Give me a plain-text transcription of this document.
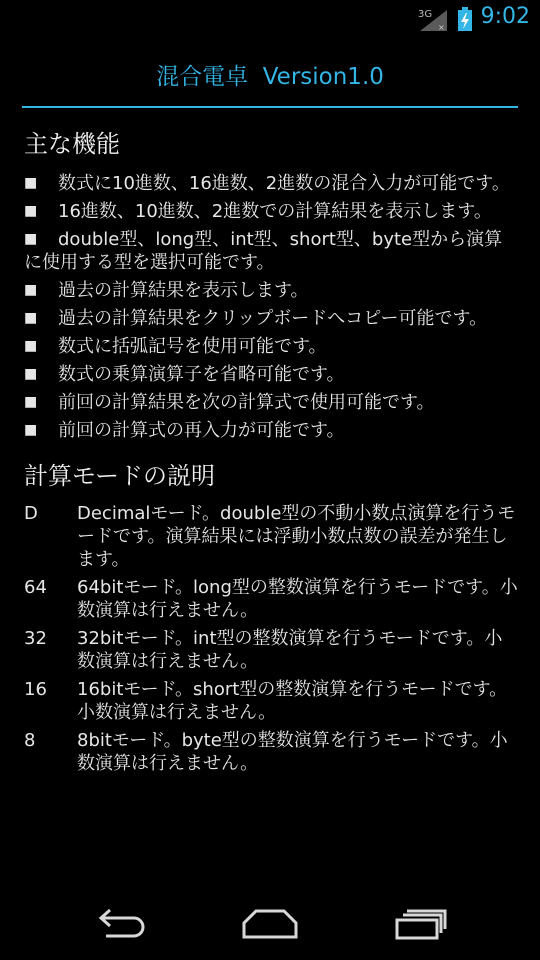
3G
× 9:02
混合電卓  Version1.0
主な機能
■ 数式に10進数、16進数、2進数の混合入力が可能です。
■ 16進数、10進数、2進数での計算結果を表示します。
■ double型、long型、int型、short型、byte型から演算に使用する型を選択可能です。
■ 過去の計算結果を表示します。
■ 過去の計算結果をクリップボードへコピー可能です。
■ 数式に括弧記号を使用可能です。
■ 数式の乗算演算子を省略可能です。
■ 前回の計算結果を次の計算式で使用可能です。
■ 前回の計算式の再入力が可能です。
計算モードの説明
D	Decimalモード。double型の不動小数点演算を行うモードです。演算結果には浮動小数点数の誤差が発生します。
64	64bitモード。long型の整数演算を行うモードです。小数演算は行えません。
32	32bitモード。int型の整数演算を行うモードです。小数演算は行えません。
16	16bitモード。short型の整数演算を行うモードです。小数演算は行えません。
8	8bitモード。byte型の整数演算を行うモードです。小数演算は行えません。
